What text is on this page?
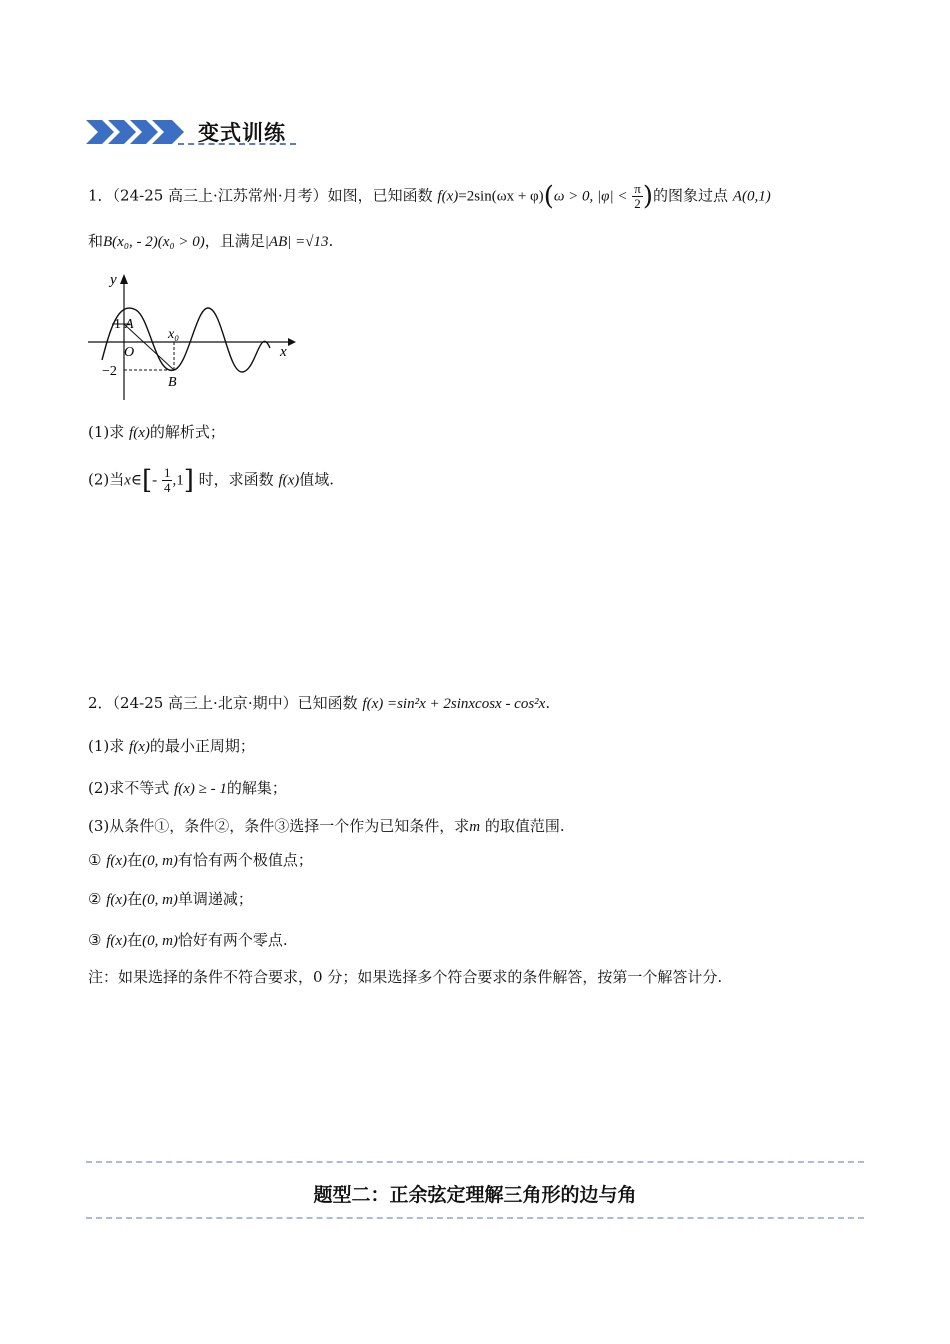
变式训练
1．（24-25 高三上·江苏常州·月考）如图，已知函数 f(x)=2sin(ωx + φ)(ω > 0, $|\varphi| < \frac{\pi}{2}$ )的图象过点 A(0,1)
和B(x₀, - 2)(x₀ > 0)，且满足|AB| =√13.
y
x
1 A
O
x₀
−2
B
(1)求 f(x)的解析式；
(2)当x∈[- $\frac{1}{4} ,1$] 时，求函数 f(x)值域.
2．（24-25 高三上·北京·期中）已知函数 f(x) =sin²x + 2sinxcosx - cos²x.
(1)求 f(x)的最小正周期；
(2)求不等式 f(x) ≥ - 1的解集；
(3)从条件①，条件②，条件③选择一个作为已知条件，求m 的取值范围.
① f(x)在(0, m)有恰有两个极值点；
② f(x)在(0, m)单调递减；
③ f(x)在(0, m)恰好有两个零点.
注：如果选择的条件不符合要求，0 分；如果选择多个符合要求的条件解答，按第一个解答计分.
题型二：正余弦定理解三角形的边与角
